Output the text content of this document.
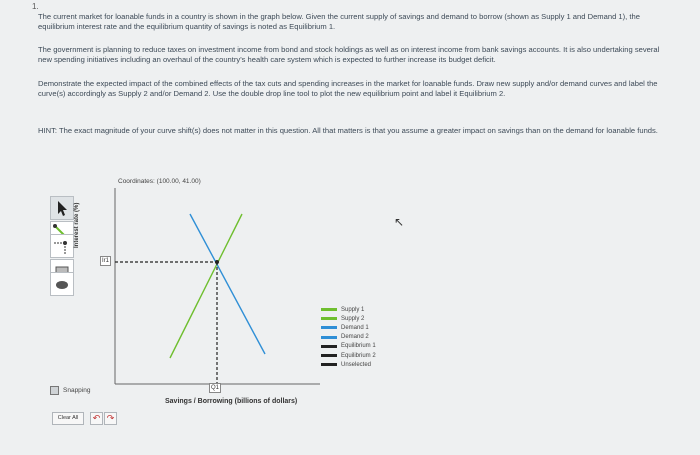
1.
The current market for loanable funds in a country is shown in the graph below. Given the current supply of savings and demand to borrow (shown as Supply 1 and Demand 1), the equilibrium interest rate and the equilibrium quantity of savings is noted as Equilibrium 1.
The government is planning to reduce taxes on investment income from bond and stock holdings as well as on interest income from bank savings accounts. It is also undertaking several new spending initiatives including an overhaul of the country's health care system which is expected to further increase its budget deficit.
Demonstrate the expected impact of the combined effects of the tax cuts and spending increases in the market for loanable funds. Draw new supply and/or demand curves and label the curve(s) accordingly as Supply 2 and/or Demand 2. Use the double drop line tool to plot the new equilibrium point and label it Equilibrium 2.
HINT: The exact magnitude of your curve shift(s) does not matter in this question. All that matters is that you assume a greater impact on savings than on the demand for loanable funds.
Coordinates: (100.00, 41.00)
Interest rate (%)
Ir1
Q1
Savings / Borrowing (billions of dollars)
Supply 1
Supply 2
Demand 1
Demand 2
Equilibrium 1
Equilibrium 2
Unselected
↖
Snapping
Clear All	↶ ↷
